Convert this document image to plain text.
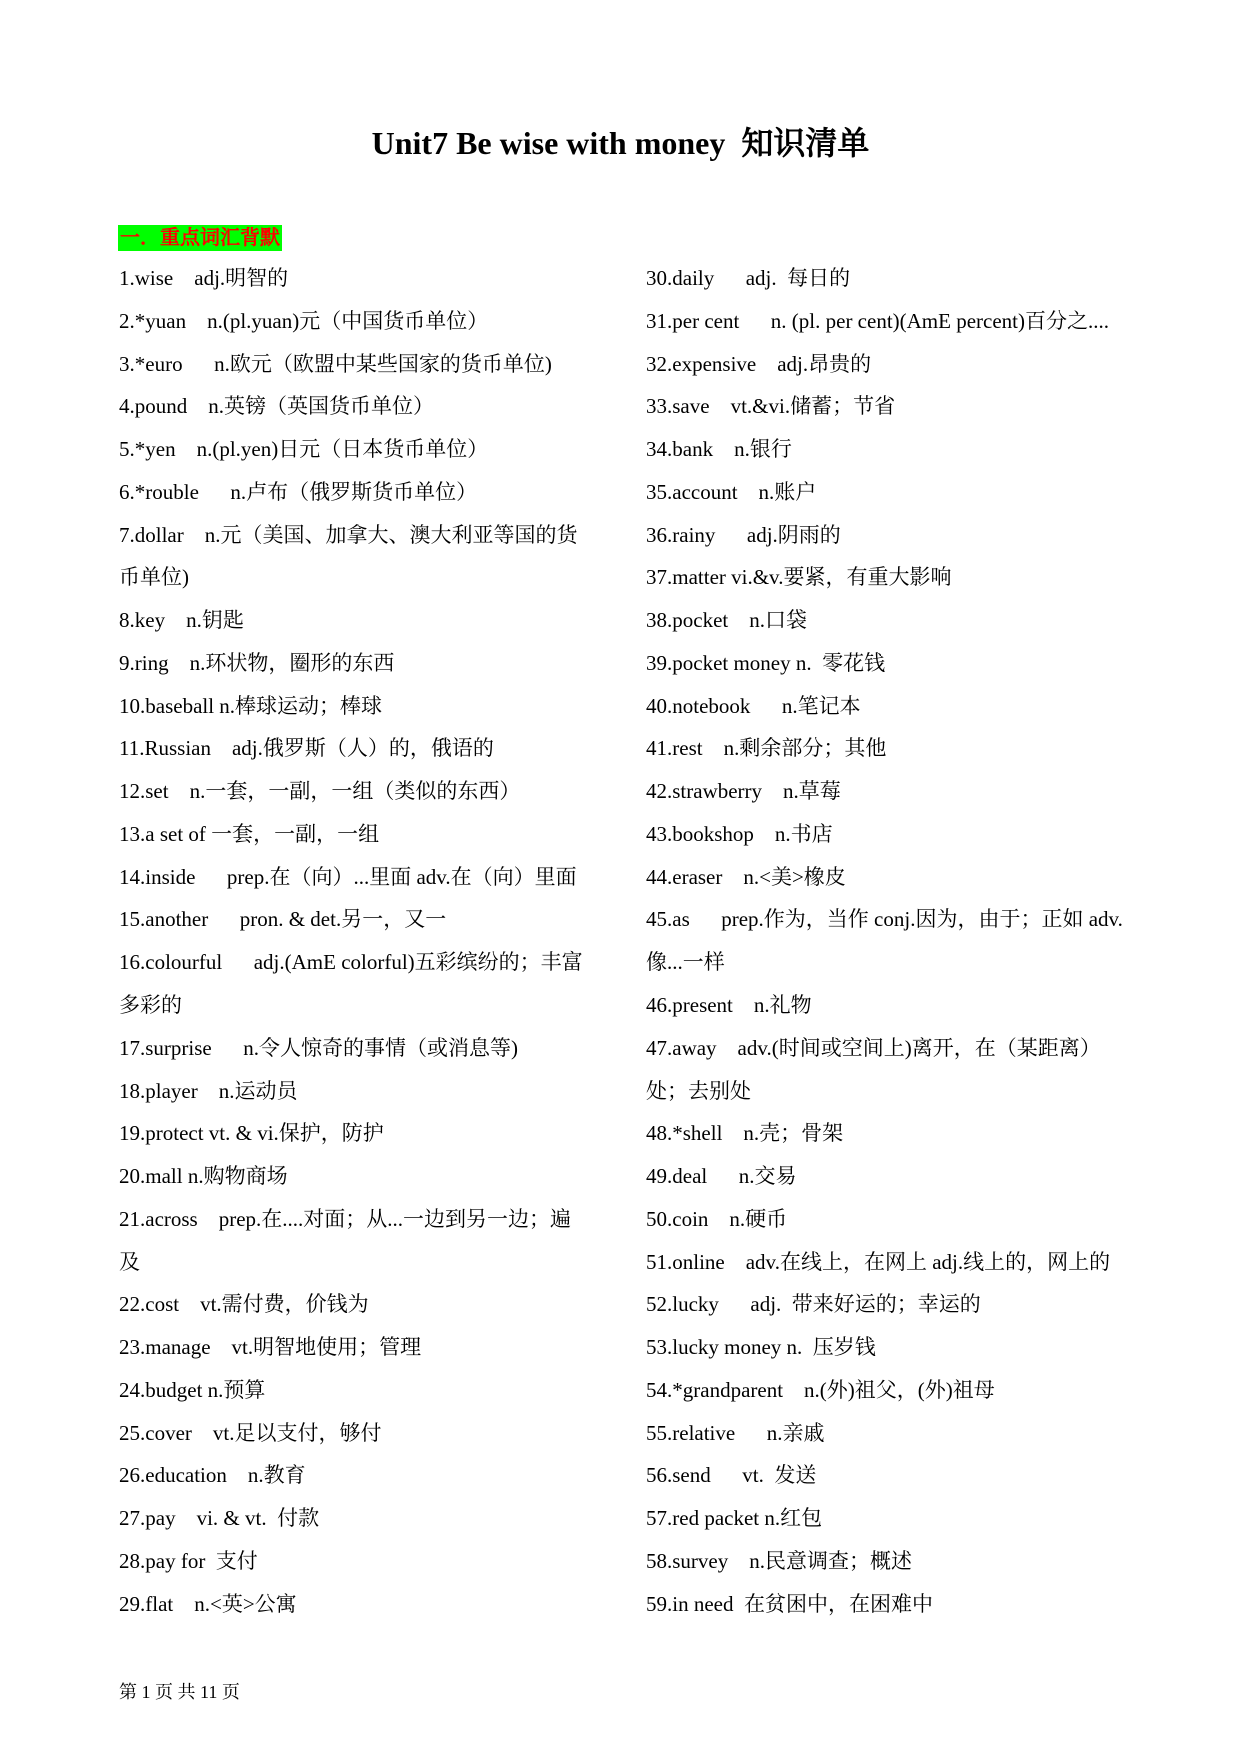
Unit7 Be wise with money  知识清单
一．重点词汇背默
1.wise    adj.明智的
2.*yuan    n.(pl.yuan)元（中国货币单位）
3.*euro      n.欧元（欧盟中某些国家的货币单位)
4.pound    n.英镑（英国货币单位）
5.*yen    n.(pl.yen)日元（日本货币单位）
6.*rouble      n.卢布（俄罗斯货币单位）
7.dollar    n.元（美国、加拿大、澳大利亚等国的货
币单位)
8.key    n.钥匙
9.ring    n.环状物，圈形的东西
10.baseball n.棒球运动；棒球
11.Russian    adj.俄罗斯（人）的，俄语的
12.set    n.一套，一副，一组（类似的东西）
13.a set of 一套，一副，一组
14.inside      prep.在（向）...里面 adv.在（向）里面
15.another      pron. & det.另一，又一
16.colourful      adj.(AmE colorful)五彩缤纷的；丰富
多彩的
17.surprise      n.令人惊奇的事情（或消息等)
18.player    n.运动员
19.protect vt. & vi.保护，防护
20.mall n.购物商场
21.across    prep.在....对面；从...一边到另一边；遍
及
22.cost    vt.需付费，价钱为
23.manage    vt.明智地使用；管理
24.budget n.预算
25.cover    vt.足以支付，够付
26.education    n.教育
27.pay    vi. & vt.  付款
28.pay for  支付
29.flat    n.<英>公寓
30.daily      adj.  每日的
31.per cent      n. (pl. per cent)(AmE percent)百分之....
32.expensive    adj.昂贵的
33.save    vt.&vi.储蓄；节省
34.bank    n.银行
35.account    n.账户
36.rainy      adj.阴雨的
37.matter vi.&v.要紧，有重大影响
38.pocket    n.口袋
39.pocket money n.  零花钱
40.notebook      n.笔记本
41.rest    n.剩余部分；其他
42.strawberry    n.草莓
43.bookshop    n.书店
44.eraser    n.<美>橡皮
45.as      prep.作为，当作 conj.因为，由于；正如 adv.
像...一样
46.present    n.礼物
47.away    adv.(时间或空间上)离开，在（某距离）
处；去别处
48.*shell    n.壳；骨架
49.deal      n.交易
50.coin    n.硬币
51.online    adv.在线上，在网上 adj.线上的，网上的
52.lucky      adj.  带来好运的；幸运的
53.lucky money n.  压岁钱
54.*grandparent    n.(外)祖父，(外)祖母
55.relative      n.亲戚
56.send      vt.  发送
57.red packet n.红包
58.survey    n.民意调查；概述
59.in need  在贫困中，在困难中
第 1 页 共 11 页
